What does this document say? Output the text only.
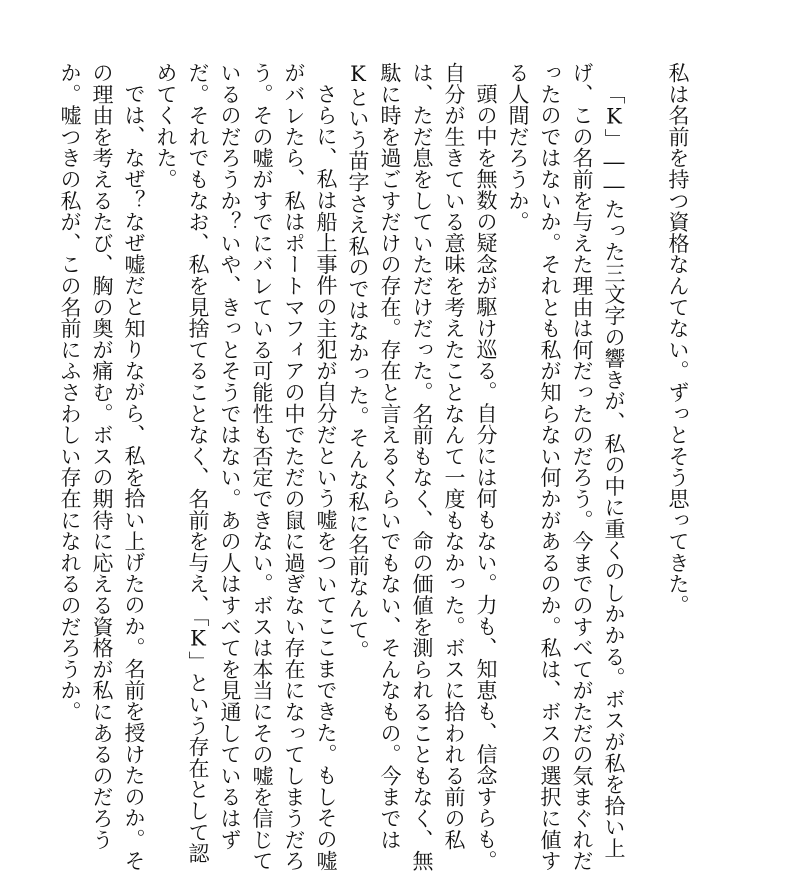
私は名前を持つ資格なんてない。ずっとそう思ってきた。

「K」――たった三文字の響きが、私の中に重くのしかかる。ボスが私を拾い上げ、この名前を与えた理由は何だったのだろう。今までのすべてがただの気まぐれだったのではないか。それとも私が知らない何かがあるのか。私は、ボスの選択に値する人間だろうか。

頭の中を無数の疑念が駆け巡る。自分には何もない。力も、知恵も、信念すらも。自分が生きている意味を考えたことなんて一度もなかった。ボスに拾われる前の私は、ただ息をしていただけだった。名前もなく、命の価値を測られることもなく、無駄に時を過ごすだけの存在。存在と言えるくらいでもない、そんなもの。今まではKという苗字さえ私のではなかった。そんな私に名前なんて。

さらに、私は船上事件の主犯が自分だという嘘をついてここまできた。もしその嘘がバレたら、私はポートマフィアの中でただの鼠に過ぎない存在になってしまうだろう。その嘘がすでにバレている可能性も否定できない。ボスは本当にその嘘を信じているのだろうか？いや、きっとそうではない。あの人はすべてを見通しているはずだ。それでもなお、私を見捨てることなく、名前を与え、「K」という存在として認めてくれた。

では、なぜ？なぜ嘘だと知りながら、私を拾い上げたのか。名前を授けたのか。その理由を考えるたび、胸の奥が痛む。ボスの期待に応える資格が私にあるのだろうか。嘘つきの私が、この名前にふさわしい存在になれるのだろうか。
